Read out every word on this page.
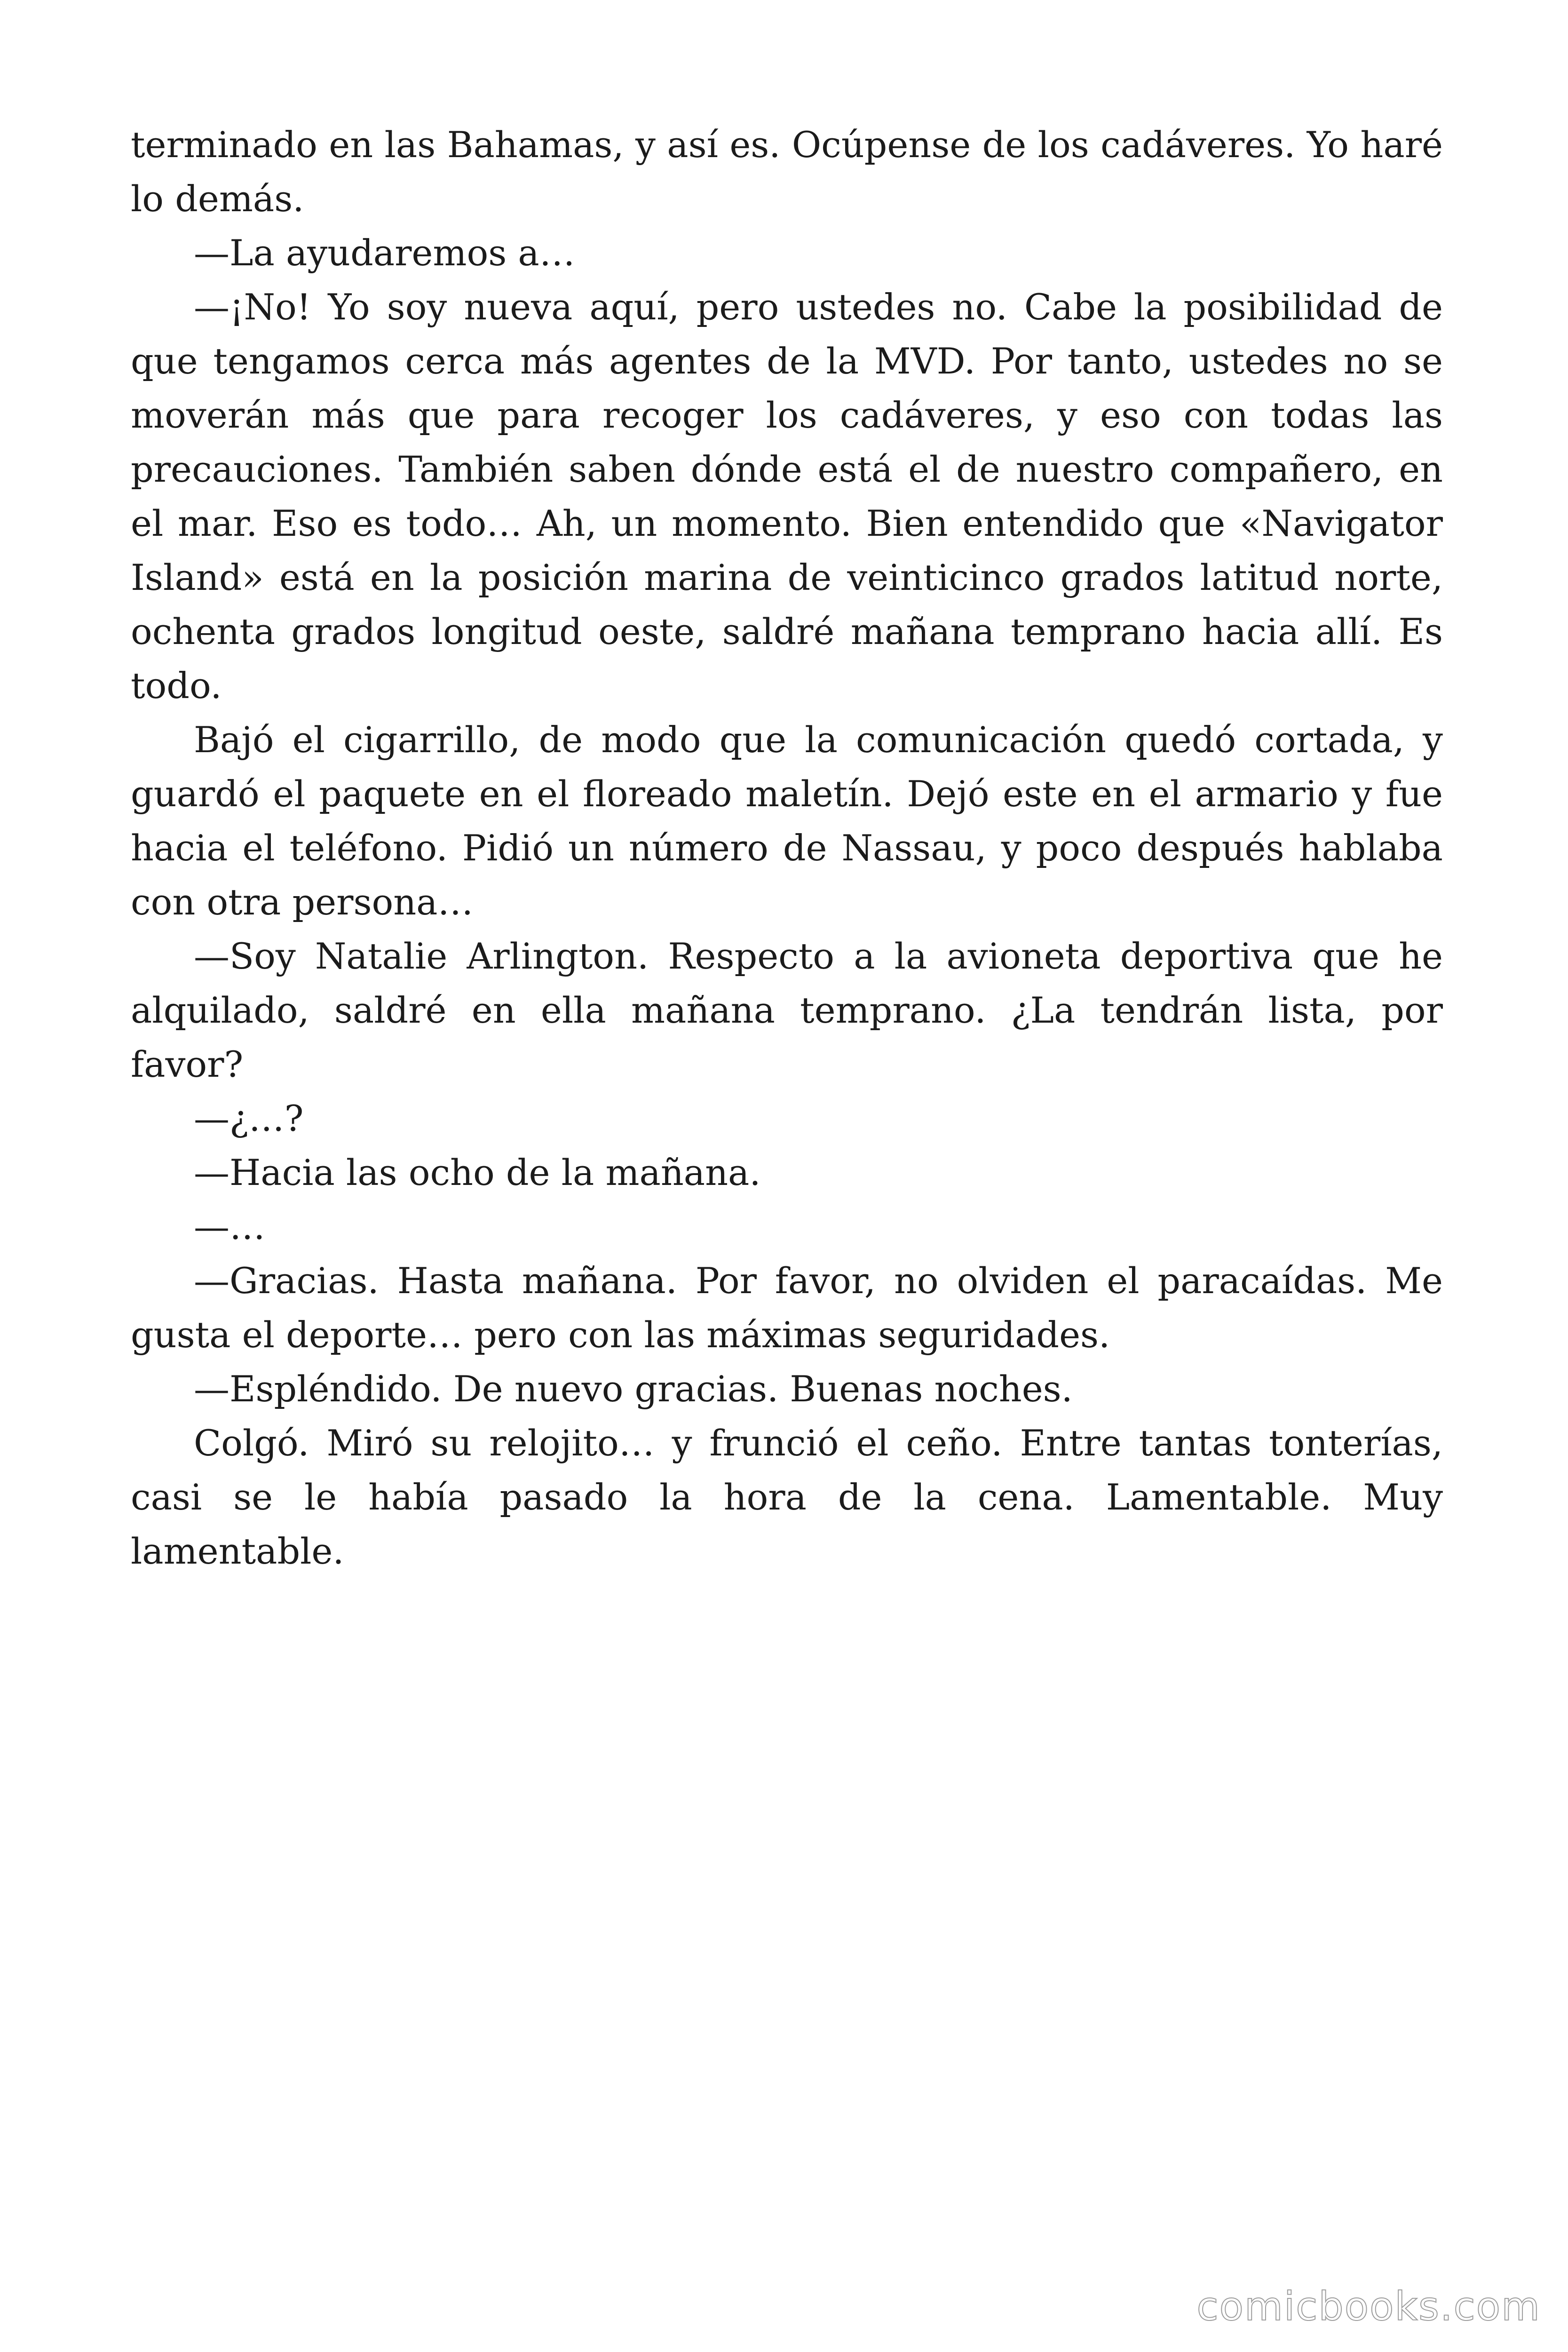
terminado en las Bahamas, y así es. Ocúpense de los cadáveres. Yo haré lo demás.

—La ayudaremos a…

—¡No! Yo soy nueva aquí, pero ustedes no. Cabe la posibilidad de que tengamos cerca más agentes de la MVD. Por tanto, ustedes no se moverán más que para recoger los cadáveres, y eso con todas las precauciones. También saben dónde está el de nuestro compañero, en el mar. Eso es todo… Ah, un momento. Bien entendido que «Navigator Island» está en la posición marina de veinticinco grados latitud norte, ochenta grados longitud oeste, saldré mañana temprano hacia allí. Es todo.

Bajó el cigarrillo, de modo que la comunicación quedó cortada, y guardó el paquete en el floreado maletín. Dejó este en el armario y fue hacia el teléfono. Pidió un número de Nassau, y poco después hablaba con otra persona…

—Soy Natalie Arlington. Respecto a la avioneta deportiva que he alquilado, saldré en ella mañana temprano. ¿La tendrán lista, por favor?

—¿…?

—Hacia las ocho de la mañana.

—…

—Gracias. Hasta mañana. Por favor, no olviden el paracaídas. Me gusta el deporte… pero con las máximas seguridades.

—Espléndido. De nuevo gracias. Buenas noches.

Colgó. Miró su relojito… y frunció el ceño. Entre tantas tonterías, casi se le había pasado la hora de la cena. Lamentable. Muy lamentable.

comicbooks.com
